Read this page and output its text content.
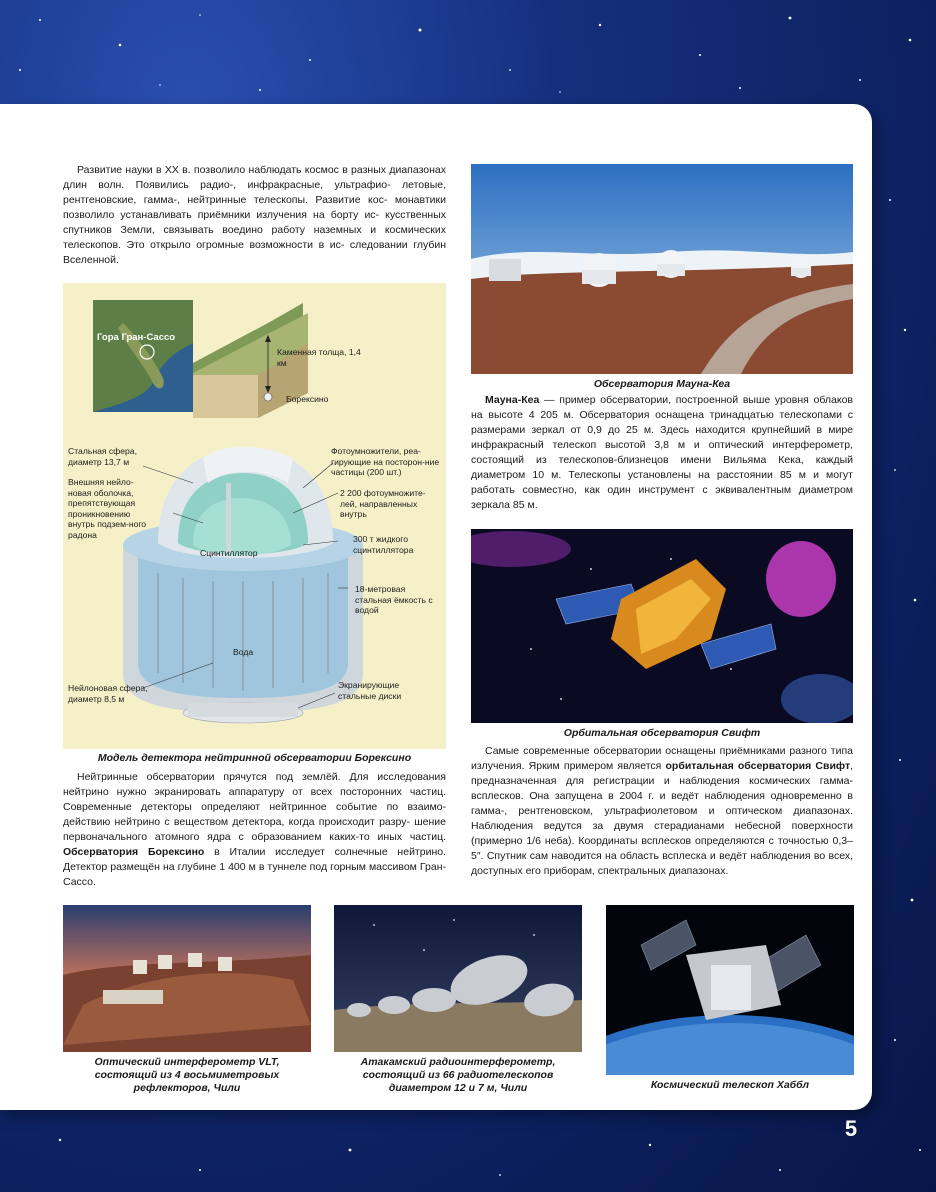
Развитие науки в XX в. позволило наблюдать космос в разных диапазонах длин волн. Появились радио-, инфракрасные, ультрафио- летовые, рентгеновские, гамма-, нейтринные телескопы. Развитие кос- монавтики позволило устанавливать приёмники излучения на борту ис- кусственных спутников Земли, связывать воедино работу наземных и космических телескопов. Это открыло огромные возможности в ис- следовании глубин Вселенной.
Гора Гран-Сассо
Каменная толща, 1,4 км
Борексино
Стальная сфера, диаметр 13,7 м
Внешняя нейло-новая оболочка, препятствующая проникновению внутрь подзем-ного радона
Сцинтиллятор
Вода
Нейлоновая сфера, диаметр 8,5 м
Фотоумножители, реа-гирующие на посторон-ние частицы (200 шт.)
2 200 фотоумножите-лей, направленных внутрь
300 т жидкого сцинтиллятора
18-метровая стальная ёмкость с водой
Экранирующие стальные диски
Модель детектора нейтринной обсерватории Борексино
Нейтринные обсерватории прячутся под землёй. Для исследования нейтрино нужно экранировать аппаратуру от всех посторонних частиц. Современные детекторы определяют нейтринное событие по взаимо- действию нейтрино с веществом детектора, когда происходит разру- шение первоначального атомного ядра с образованием каких-то иных частиц. Обсерватория Борексино в Италии исследует солнечные нейтрино. Детектор размещён на глубине 1 400 м в туннеле под горным массивом Гран-Сассо.
Обсерватория Мауна-Кеа
Мауна-Кеа — пример обсерватории, построенной выше уровня облаков на высоте 4 205 м. Обсерватория оснащена тринадцатью телескопами с размерами зеркал от 0,9 до 25 м. Здесь находится крупнейший в мире инфракрасный телескоп высотой 3,8 м и оптический интерферометр, состоящий из телескопов-близнецов имени Вильяма Кека, каждый диаметром 10 м. Телескопы установлены на расстоянии 85 м и могут работать совместно, как один инструмент с эквивалентным диаметром зеркала 85 м.
Орбитальная обсерватория Свифт
Самые современные обсерватории оснащены приёмниками разного типа излучения. Ярким примером является орбитальная обсерватория Свифт, предназначенная для регистрации и наблюдения космических гамма-всплесков. Она запущена в 2004 г. и ведёт наблюдения одновременно в гамма-, рентгеновском, ультрафиолетовом и оптическом диапазонах. Наблюдения ведутся за двумя стерадианами небесной поверхности (примерно 1/6 неба). Координаты всплесков определяются с точностью 0,3–5″. Спутник сам наводится на область всплеска и ведёт наблюдения во всех, доступных его приборам, спектральных диапазонах.
Оптический интерферометр VLT, состоящий из 4 восьмиметровых рефлекторов, Чили
Атакамский радиоинтерферометр, состоящий из 66 радиотелескопов диаметром 12 и 7 м, Чили	Космический телескоп Хаббл
5
